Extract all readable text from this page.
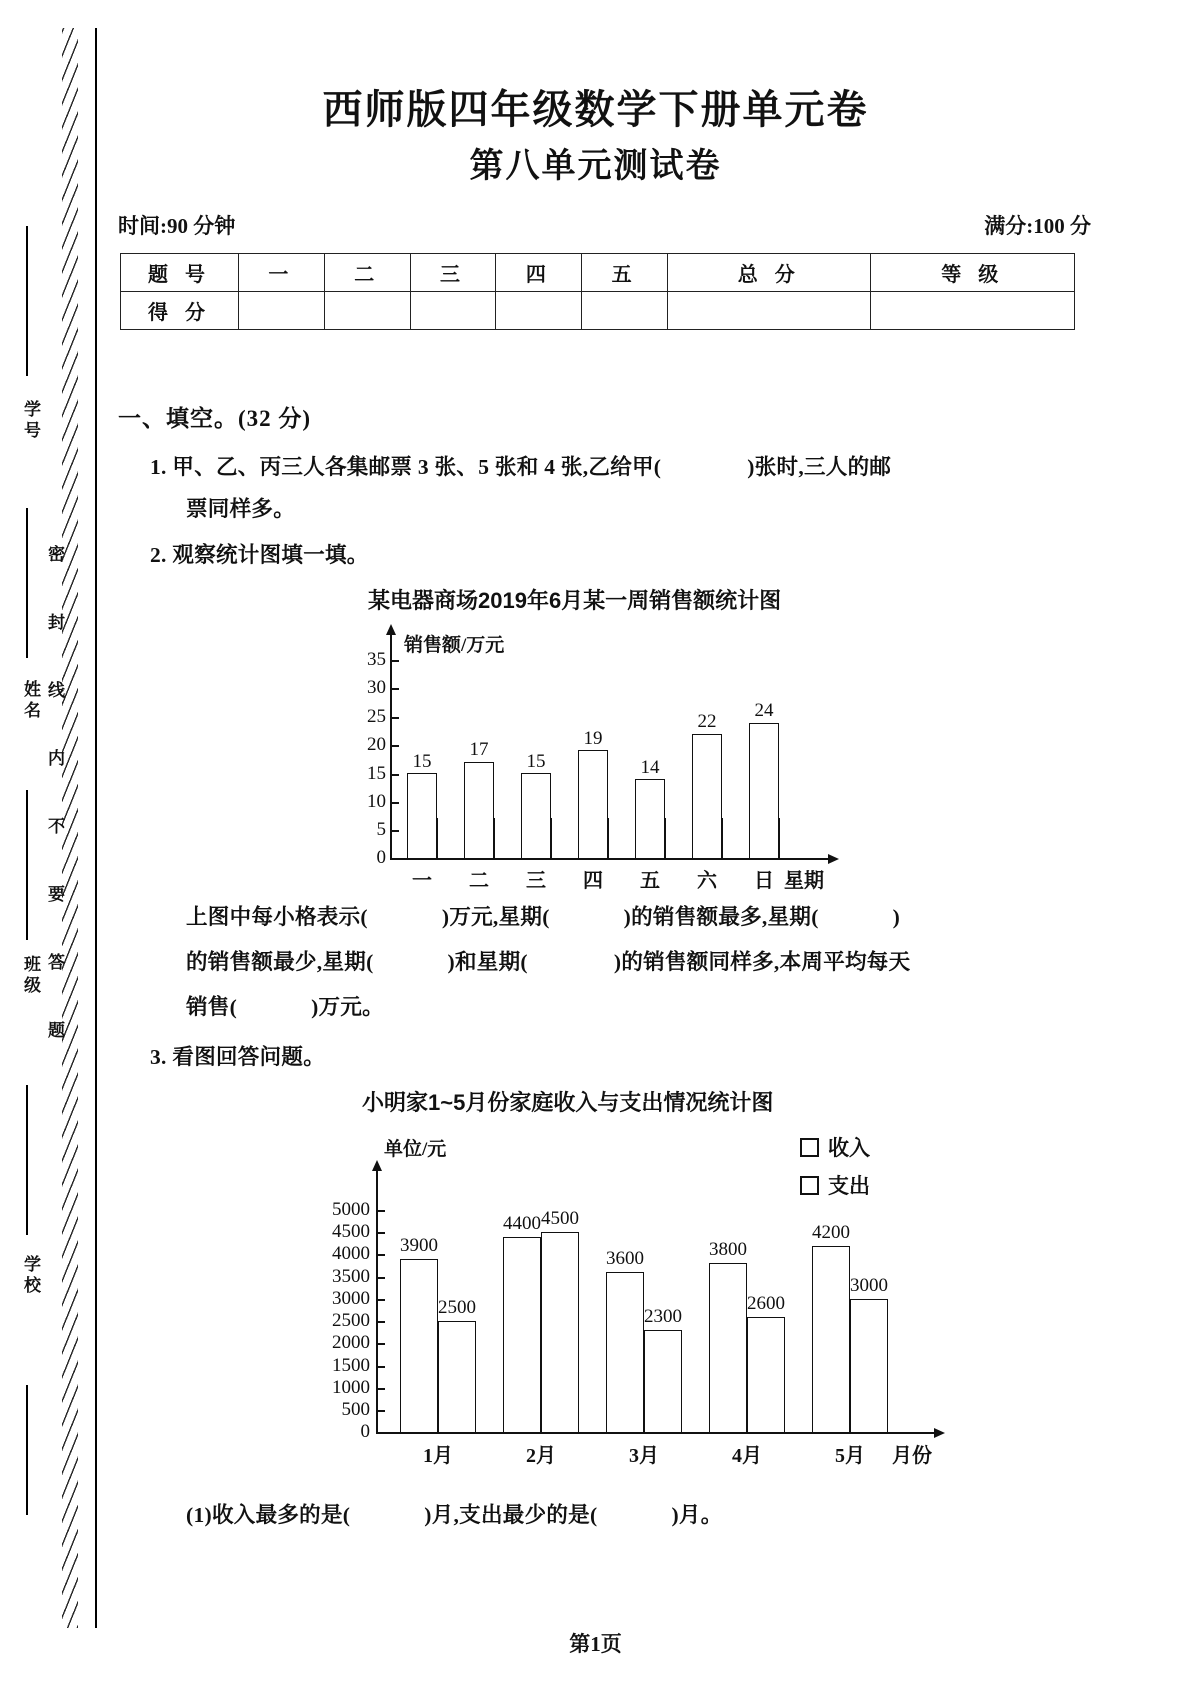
学号
姓名
班级
学校
密 封 线 内 不 要 答 题
西师版四年级数学下册单元卷
第八单元测试卷
时间:90 分钟	满分:100 分
题 号	一	二	三	四	五	总 分	等 级
得 分							
一、填空。(32 分)
1. 甲、乙、丙三人各集邮票 3 张、5 张和 4 张,乙给甲(	)张时,三人的邮
票同样多。
2. 观察统计图填一填。
某电器商场2019年6月某一周销售额统计图
销售额/万元
35
30
25
20
15
10
5
0
15
17
15
19
14
22
24
一	二	三	四	五	六	日 星期
上图中每小格表示(	)万元,星期(	)的销售额最多,星期(	)
的销售额最少,星期(	)和星期(	)的销售额同样多,本周平均每天
销售(	)万元。
3. 看图回答问题。
小明家1~5月份家庭收入与支出情况统计图
收入
支出
单位/元
5000
4500
4000
3500
3000
2500
2000
1500
1000
500
0
3900
2500
4400 4500
3600
2300
3800
2600
4200
3000
1月	2月	3月	4月	5月	月份
(1)收入最多的是(	)月,支出最少的是(	)月。
第1页
